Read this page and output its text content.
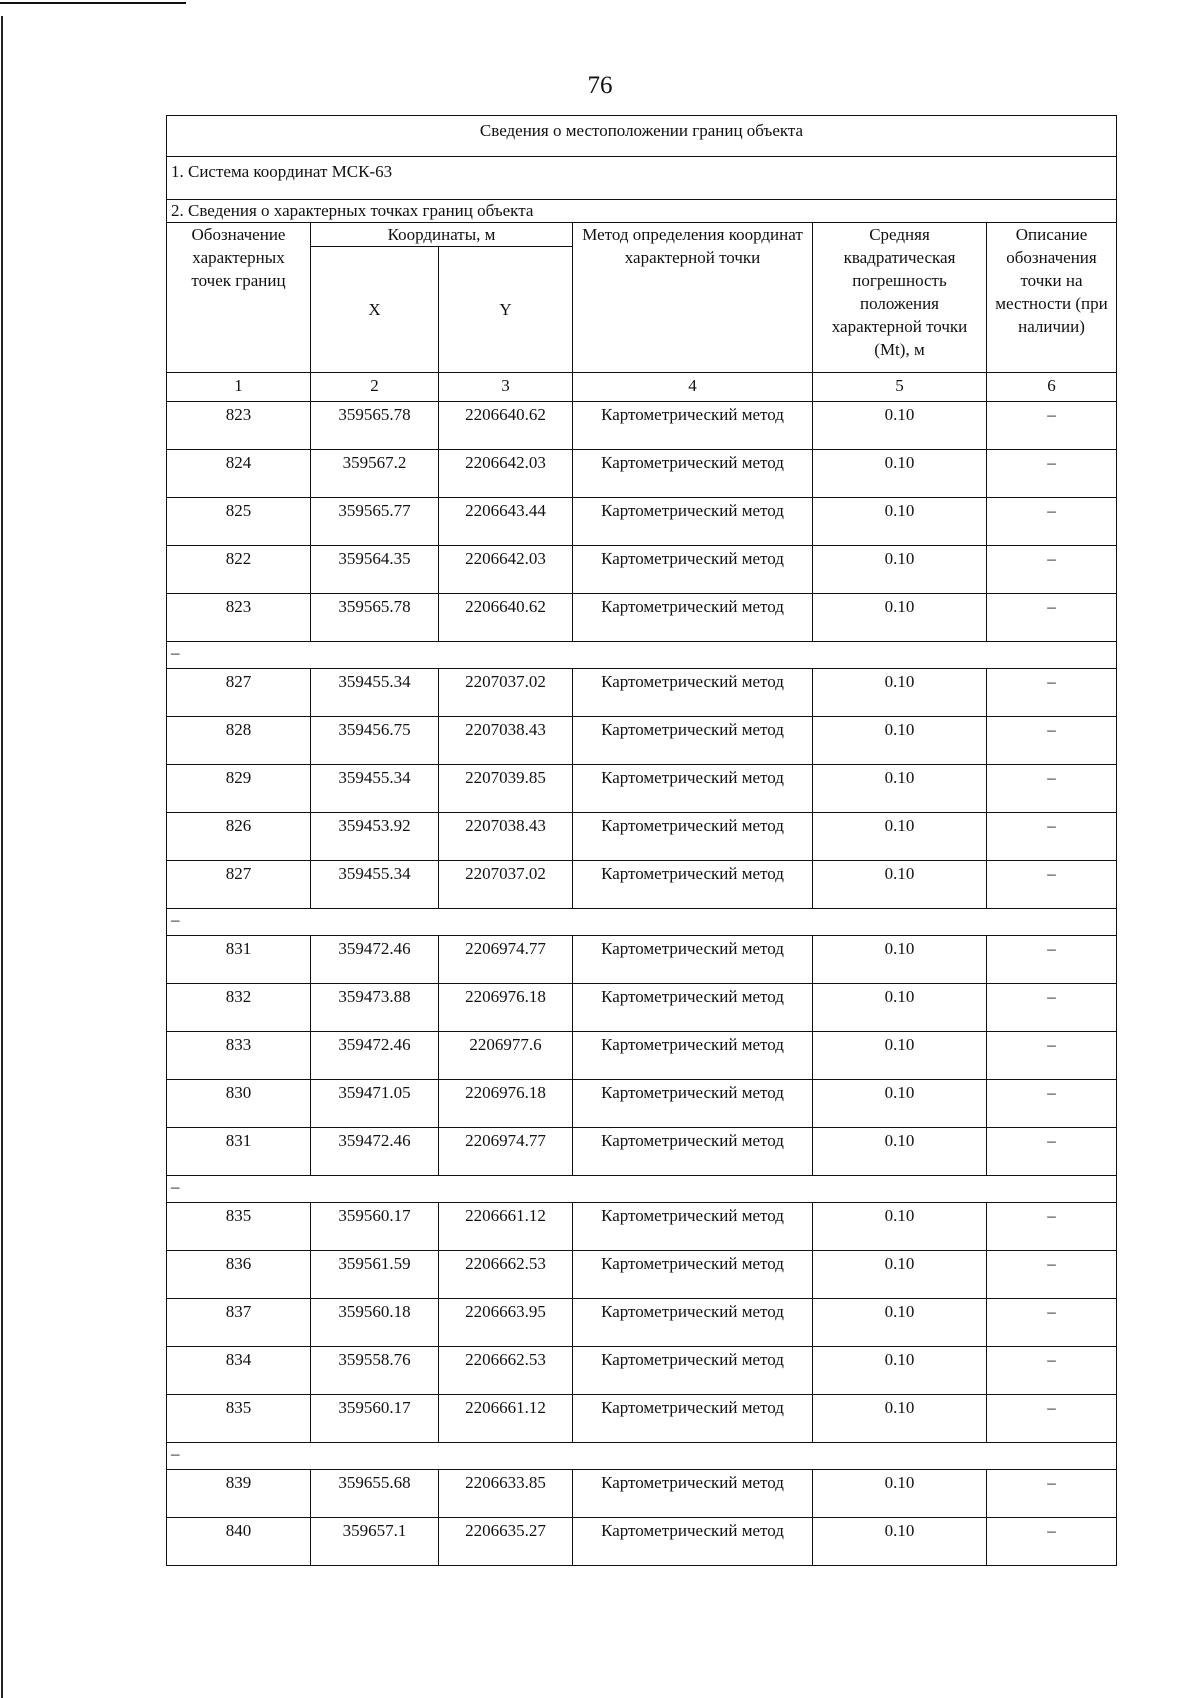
76
Сведения о местоположении границ объекта					
1. Система координат МСК-63					
2. Сведения о характерных точках границ объекта					
Обозначение характерных точек границ	Координаты, м		Метод определения координат характерной точки	Средняя квадратическая погрешность положения характерной точки (Mt), м	Описание обозначения точки на местности (при наличии)
	X	Y			
1	2	3	4	5	6
823	359565.78	2206640.62	Картометрический метод	0.10	–
824	359567.2	2206642.03	Картометрический метод	0.10	–
825	359565.77	2206643.44	Картометрический метод	0.10	–
822	359564.35	2206642.03	Картометрический метод	0.10	–
823	359565.78	2206640.62	Картометрический метод	0.10	–
–					
827	359455.34	2207037.02	Картометрический метод	0.10	–
828	359456.75	2207038.43	Картометрический метод	0.10	–
829	359455.34	2207039.85	Картометрический метод	0.10	–
826	359453.92	2207038.43	Картометрический метод	0.10	–
827	359455.34	2207037.02	Картометрический метод	0.10	–
–					
831	359472.46	2206974.77	Картометрический метод	0.10	–
832	359473.88	2206976.18	Картометрический метод	0.10	–
833	359472.46	2206977.6	Картометрический метод	0.10	–
830	359471.05	2206976.18	Картометрический метод	0.10	–
831	359472.46	2206974.77	Картометрический метод	0.10	–
–					
835	359560.17	2206661.12	Картометрический метод	0.10	–
836	359561.59	2206662.53	Картометрический метод	0.10	–
837	359560.18	2206663.95	Картометрический метод	0.10	–
834	359558.76	2206662.53	Картометрический метод	0.10	–
835	359560.17	2206661.12	Картометрический метод	0.10	–
–					
839	359655.68	2206633.85	Картометрический метод	0.10	–
840	359657.1	2206635.27	Картометрический метод	0.10	–
